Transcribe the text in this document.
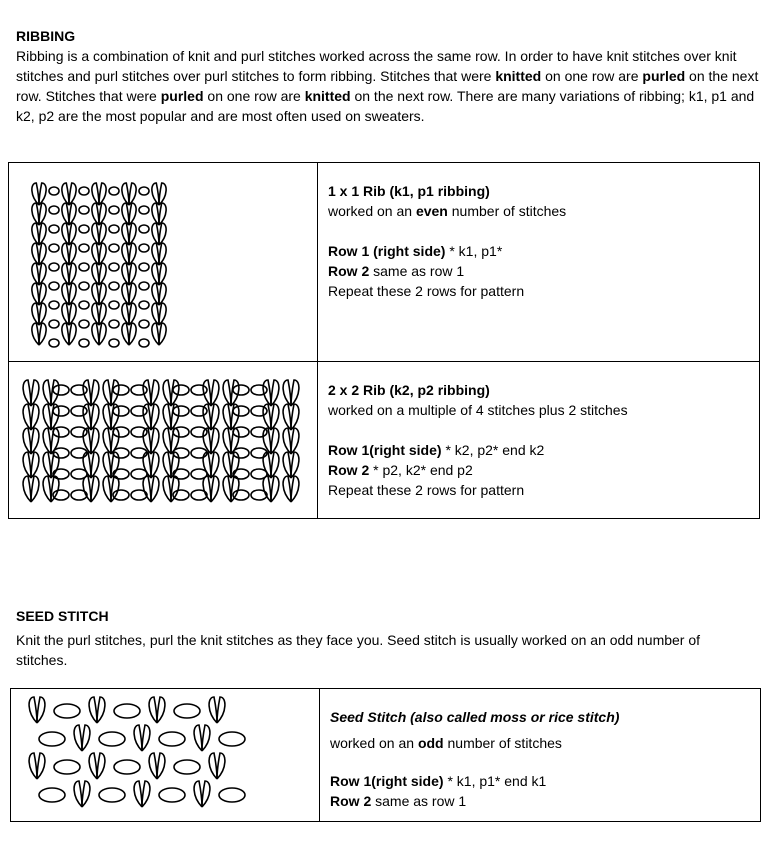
RIBBING
Ribbing is a combination of knit and purl stitches worked across the same row. In order to have knit stitches over knit stitches and purl stitches over purl stitches to form ribbing. Stitches that were knitted on one row are purled on the next row. Stitches that were purled on one row are knitted on the next row. There are many variations of ribbing; k1, p1 and k2, p2 are the most popular and are most often used on sweaters.

1 x 1 Rib (k1, p1 ribbing)
worked on an even number of stitches
Row 1 (right side) * k1, p1*
Row 2 same as row 1
Repeat these 2 rows for pattern

2 x 2 Rib (k2, p2 ribbing)
worked on a multiple of 4 stitches plus 2 stitches
Row 1(right side) * k2, p2* end k2
Row 2 * p2, k2* end p2
Repeat these 2 rows for pattern
SEED STITCH
Knit the purl stitches, purl the knit stitches as they face you. Seed stitch is usually worked on an odd number of stitches.

Seed Stitch (also called moss or rice stitch)
worked on an odd number of stitches
Row 1(right side) * k1, p1* end k1
Row 2 same as row 1
